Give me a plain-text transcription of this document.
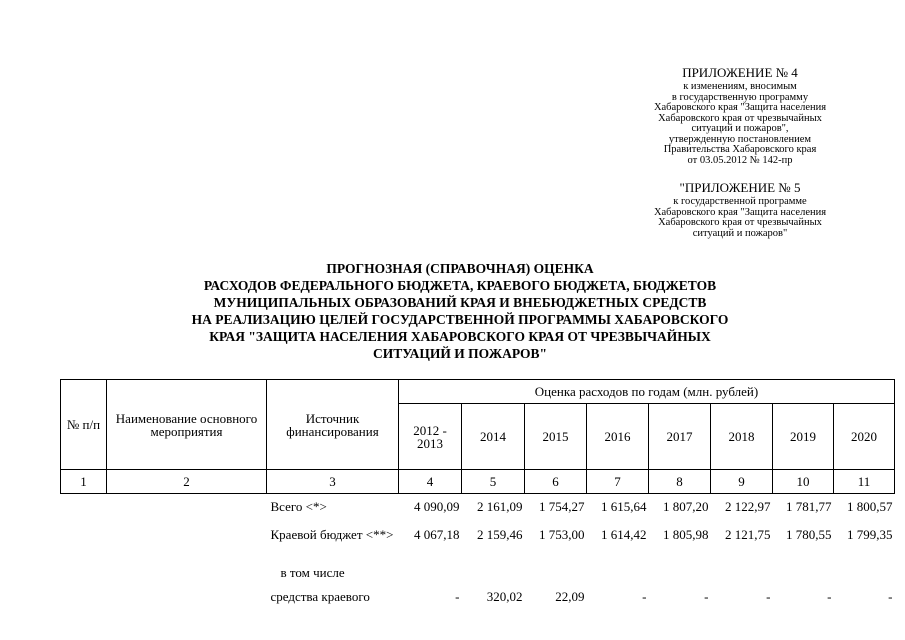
ПРИЛОЖЕНИЕ № 4
к изменениям, вносимым
в государственную программу
Хабаровского края "Защита населения
Хабаровского края от чрезвычайных
ситуаций и пожаров",
утвержденную постановлением
Правительства Хабаровского края
от 03.05.2012 № 142-пр
"ПРИЛОЖЕНИЕ № 5
к государственной программе
Хабаровского края "Защита населения
Хабаровского края от чрезвычайных
ситуаций и пожаров"
ПРОГНОЗНАЯ (СПРАВОЧНАЯ) ОЦЕНКА
РАСХОДОВ ФЕДЕРАЛЬНОГО БЮДЖЕТА, КРАЕВОГО БЮДЖЕТА, БЮДЖЕТОВ
МУНИЦИПАЛЬНЫХ ОБРАЗОВАНИЙ КРАЯ И ВНЕБЮДЖЕТНЫХ СРЕДСТВ
НА РЕАЛИЗАЦИЮ ЦЕЛЕЙ ГОСУДАРСТВЕННОЙ ПРОГРАММЫ ХАБАРОВСКОГО
КРАЯ "ЗАЩИТА НАСЕЛЕНИЯ ХАБАРОВСКОГО КРАЯ ОТ ЧРЕЗВЫЧАЙНЫХ
СИТУАЦИЙ И ПОЖАРОВ"
№ п/п	Наименование основного мероприятия	Источник финансирования	Оценка расходов по годам (млн. рублей)							
			2012 - 2013	2014	2015	2016	2017	2018	2019	2020
1	2	3	4	5	6	7	8	9	10	11
		Всего <*>	4 090,09	2 161,09	1 754,27	1 615,64	1 807,20	2 122,97	1 781,77	1 800,57
		Краевой бюджет <**>	4 067,18	2 159,46	1 753,00	1 614,42	1 805,98	2 121,75	1 780,55	1 799,35
		в том числе								
		средства краевого	-	320,02	22,09	-	-	-	-	-
